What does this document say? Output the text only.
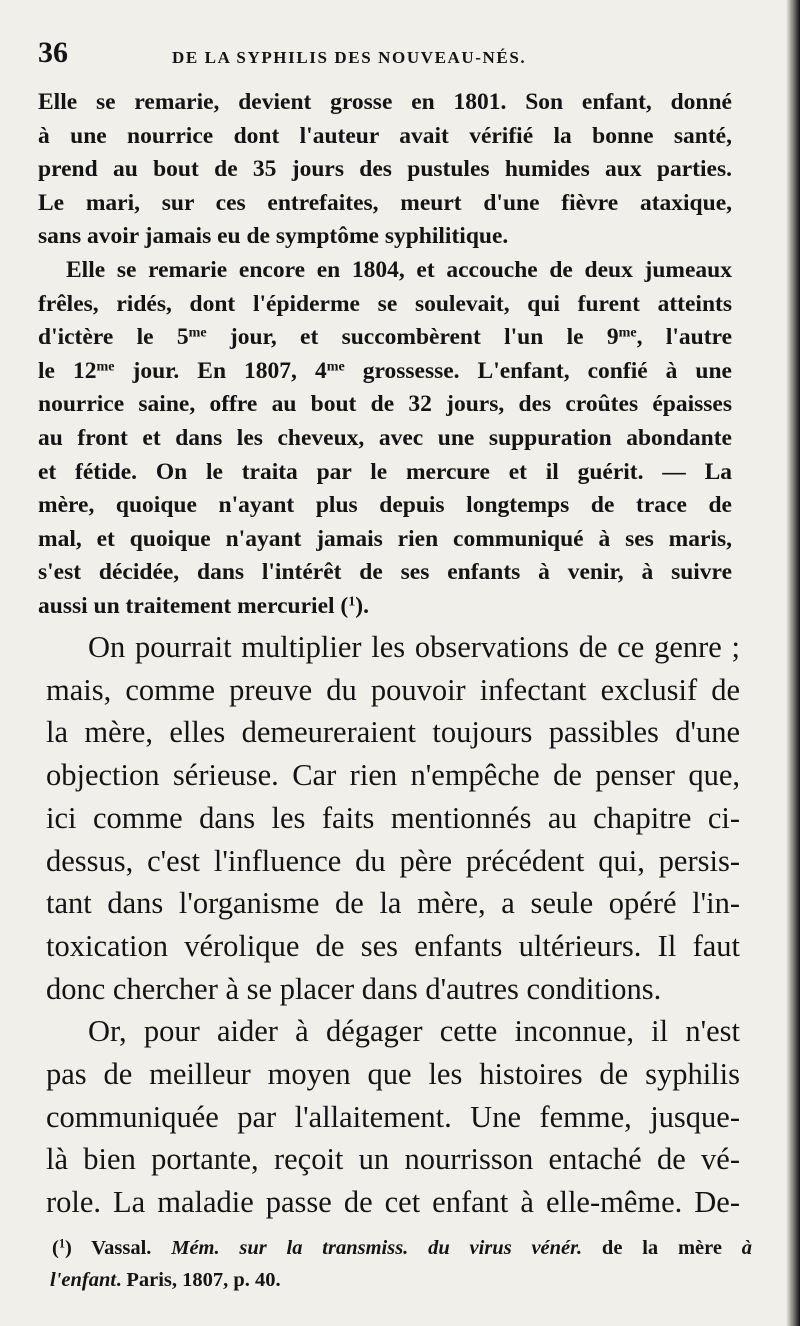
36	DE LA SYPHILIS DES NOUVEAU-NÉS.
Elle se remarie, devient grosse en 1801. Son enfant, donné
à une nourrice dont l'auteur avait vérifié la bonne santé,
prend au bout de 35 jours des pustules humides aux parties.
Le mari, sur ces entrefaites, meurt d'une fièvre ataxique,
sans avoir jamais eu de symptôme syphilitique.
Elle se remarie encore en 1804, et accouche de deux jumeaux
frêles, ridés, dont l'épiderme se soulevait, qui furent atteints
d'ictère le $5^{me}$ jour, et succombèrent l'un le $9^{me}$, l'autre
le $12^{me}$ jour. En 1807, $4^{me}$ grossesse. L'enfant, confié à une
nourrice saine, offre au bout de 32 jours, des croûtes épaisses
au front et dans les cheveux, avec une suppuration abondante
et fétide. On le traita par le mercure et il guérit. — La
mère, quoique n'ayant plus depuis longtemps de trace de
mal, et quoique n'ayant jamais rien communiqué à ses maris,
s'est décidée, dans l'intérêt de ses enfants à venir, à suivre
aussi un traitement mercuriel ($^1$).
On pourrait multiplier les observations de ce genre ;
mais, comme preuve du pouvoir infectant exclusif de
la mère, elles demeureraient toujours passibles d'une
objection sérieuse. Car rien n'empêche de penser que,
ici comme dans les faits mentionnés au chapitre ci-
dessus, c'est l'influence du père précédent qui, persis-
tant dans l'organisme de la mère, a seule opéré l'in-
toxication vérolique de ses enfants ultérieurs. Il faut
donc chercher à se placer dans d'autres conditions.
Or, pour aider à dégager cette inconnue, il n'est
pas de meilleur moyen que les histoires de syphilis
communiquée par l'allaitement. Une femme, jusque-
là bien portante, reçoit un nourrisson entaché de vé-
role. La maladie passe de cet enfant à elle-même. De-
($^1$) Vassal. Mém. sur la transmiss. du virus vénér. de la mère à
l'enfant. Paris, 1807, p. 40.
